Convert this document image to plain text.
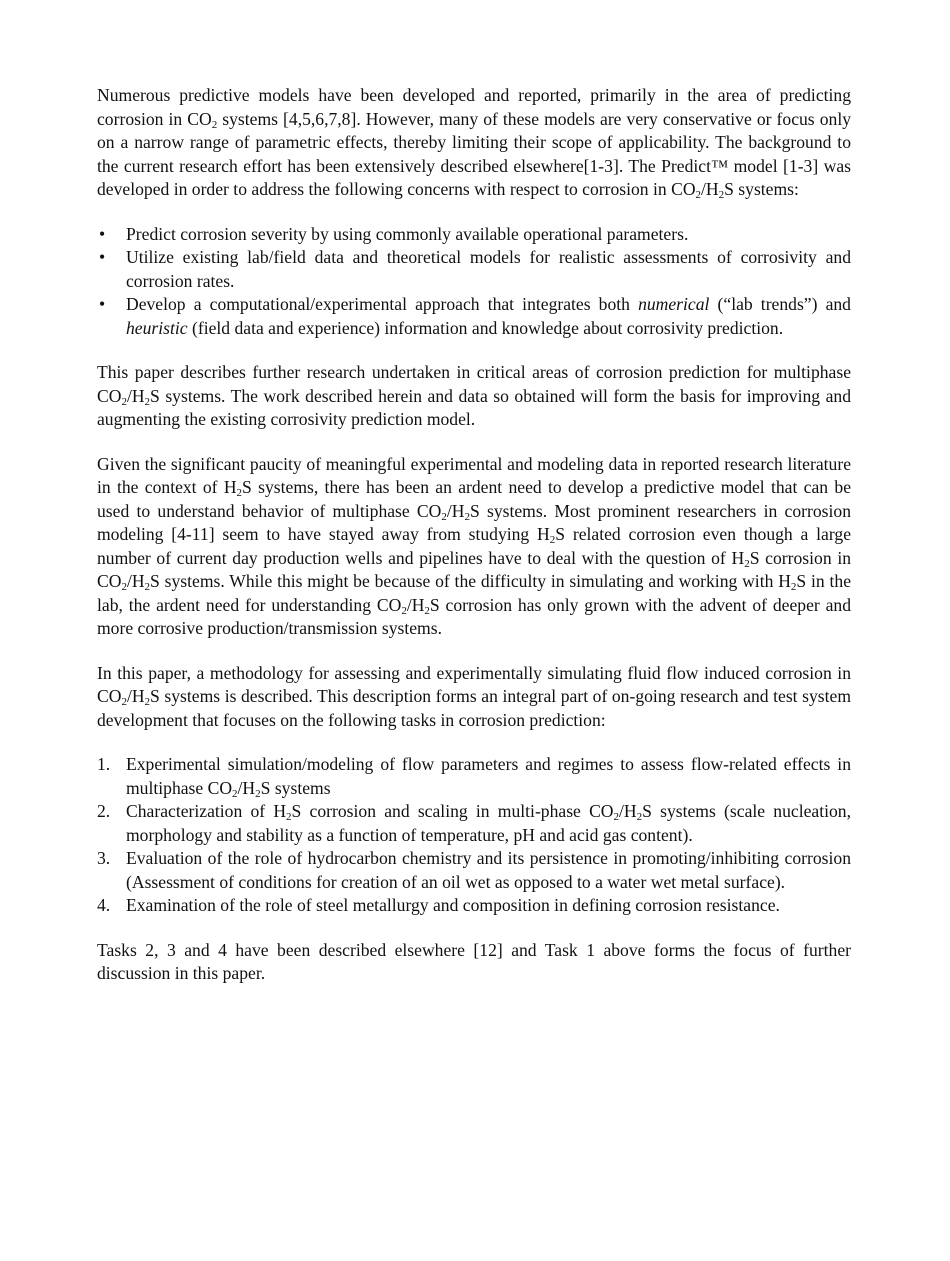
Numerous predictive models have been developed and reported, primarily in the area of predicting corrosion in $CO_2$ systems [4,5,6,7,8]. However, many of these models are very conservative or focus only on a narrow range of parametric effects, thereby limiting their scope of applicability. The background to the current research effort has been extensively described elsewhere[1-3]. The Predict™ model [1-3] was developed in order to address the following concerns with respect to corrosion in $CO_2/H_2S$ systems:

•	Predict corrosion severity by using commonly available operational parameters.
•	Utilize existing lab/field data and theoretical models for realistic assessments of corrosivity and corrosion rates.
•	Develop a computational/experimental approach that integrates both numerical (“lab trends”) and heuristic (field data and experience) information and knowledge about corrosivity prediction.

This paper describes further research undertaken in critical areas of corrosion prediction for multiphase $CO_2/H_2S$ systems. The work described herein and data so obtained will form the basis for improving and augmenting the existing corrosivity prediction model.

Given the significant paucity of meaningful experimental and modeling data in reported research literature in the context of $H_2S$ systems, there has been an ardent need to develop a predictive model that can be used to understand behavior of multiphase $CO_2/H_2S$ systems. Most prominent researchers in corrosion modeling [4-11] seem to have stayed away from studying $H_2S$ related corrosion even though a large number of current day production wells and pipelines have to deal with the question of $H_2S$ corrosion in $CO_2/H_2S$ systems. While this might be because of the difficulty in simulating and working with $H_2S$ in the lab, the ardent need for understanding $CO_2/H_2S$ corrosion has only grown with the advent of deeper and more corrosive production/transmission systems.

In this paper, a methodology for assessing and experimentally simulating fluid flow induced corrosion in $CO_2/H_2S$ systems is described. This description forms an integral part of on-going research and test system development that focuses on the following tasks in corrosion prediction:

1. Experimental simulation/modeling of flow parameters and regimes to assess flow-related effects in multiphase $CO_2/H_2S$ systems
2. Characterization of $H_2S$ corrosion and scaling in multi-phase $CO_2/H_2S$ systems (scale nucleation, morphology and stability as a function of temperature, pH and acid gas content).
3. Evaluation of the role of hydrocarbon chemistry and its persistence in promoting/inhibiting corrosion (Assessment of conditions for creation of an oil wet as opposed to a water wet metal surface).
4. Examination of the role of steel metallurgy and composition in defining corrosion resistance.

Tasks 2, 3 and 4 have been described elsewhere [12] and Task 1 above forms the focus of further discussion in this paper.
